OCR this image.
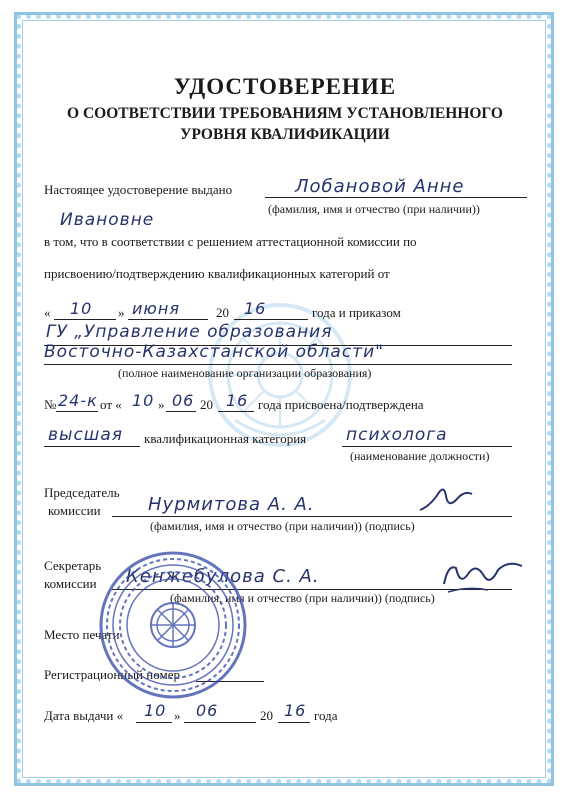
УДОСТОВЕРЕНИЕ
О СООТВЕТСТВИИ ТРЕБОВАНИЯМ УСТАНОВЛЕННОГО
УРОВНЯ КВАЛИФИКАЦИИ
Настоящее удостоверение выдано	Лобановой Анне
(фамилия, имя и отчество (при наличии))
Ивановне
в том, что в соответствии с решением аттестационной комиссии по
присвоению/подтверждению квалификационных категорий от
« 10 » июня	20 16	года и приказом
ГУ „Управление образования
Восточно-Казахстанской области"
(полное наименование организации образования)
№ 24-к от « 10 » 06 20 16 года присвоена/подтверждена
высшая квалификационная категория психолога
(наименование должности)
Председатель
комиссии	Нурмитова А. А.
(фамилия, имя и отчество (при наличии)) (подпись)
Секретарь
комиссии Кенжебулова С. А.
(фамилия, имя и отчество (при наличии)) (подпись)
Место печати
Регистрационный номер
Дата выдачи « 10 » 06	20 16 года
